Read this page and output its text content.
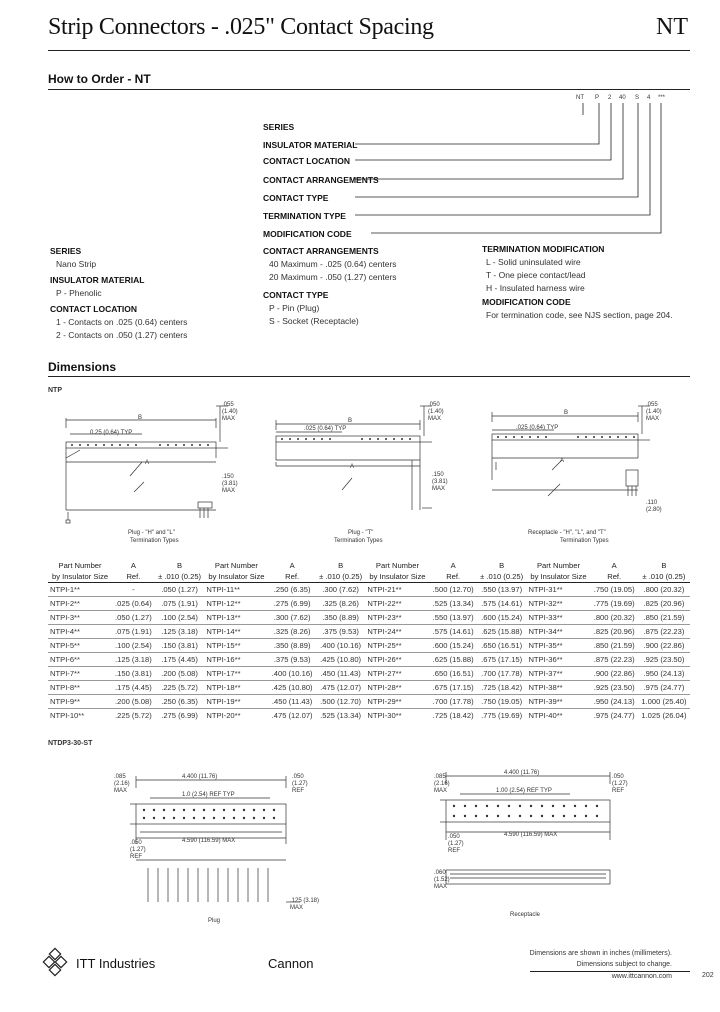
Strip Connectors - .025" Contact Spacing	NT
How to Order - NT
NT P 2 40 S 4 ***
SERIES
INSULATOR MATERIAL
CONTACT LOCATION
CONTACT ARRANGEMENTS
CONTACT TYPE
TERMINATION TYPE
MODIFICATION CODE
SERIES
Nano Strip
INSULATOR MATERIAL
P - Phenolic
CONTACT LOCATION
1 - Contacts on .025 (0.64) centers
2 - Contacts on .050 (1.27) centers
CONTACT ARRANGEMENTS
40 Maximum - .025 (0.64) centers
20 Maximum - .050 (1.27) centers
CONTACT TYPE
P - Pin (Plug)
S - Socket (Receptacle)
TERMINATION MODIFICATION
L - Solid uninsulated wire
T - One piece contact/lead
H - Insulated harness wire
MODIFICATION CODE
For termination code, see NJS section, page 204.
Dimensions
NTP
B
0.25 (0.64) TYP
A
.055
(1.40)
MAX
.150
(3.81)
MAX
Plug - "H" and "L"
Termination Types
B
.025 (0.64) TYP
A
.050
(1.40)
MAX
.150
(3.81)
MAX
Plug - "T"
Termination Types
B
.025 (0.64) TYP
A
.055
(1.40)
MAX
.110
(2.80)
Receptacle - "H", "L", and "T"
Termination Types
Part Number
by Insulator Size	A
Ref.	B
± .010 (0.25)	Part Number
by Insulator Size	A
Ref.	B
± .010 (0.25)	Part Number
by Insulator Size	A
Ref.	B
± .010 (0.25)	Part Number
by Insulator Size	A
Ref.	B
± .010 (0.25)
NTPI-1**	-	.050 (1.27)	NTPI-11**	.250 (6.35)	.300 (7.62)	NTPI-21**	.500 (12.70)	.550 (13.97)	NTPI-31**	.750 (19.05)	.800 (20.32)
NTPI-2**	.025 (0.64)	.075 (1.91)	NTPI-12**	.275 (6.99)	.325 (8.26)	NTPI-22**	.525 (13.34)	.575 (14.61)	NTPI-32**	.775 (19.69)	.825 (20.96)
NTPI-3**	.050 (1.27)	.100 (2.54)	NTPI-13**	.300 (7.62)	.350 (8.89)	NTPI-23**	.550 (13.97)	.600 (15.24)	NTPI-33**	.800 (20.32)	.850 (21.59)
NTPI-4**	.075 (1.91)	.125 (3.18)	NTPI-14**	.325 (8.26)	.375 (9.53)	NTPI-24**	.575 (14.61)	.625 (15.88)	NTPI-34**	.825 (20.96)	.875 (22.23)
NTPI-5**	.100 (2.54)	.150 (3.81)	NTPI-15**	.350 (8.89)	.400 (10.16)	NTPI-25**	.600 (15.24)	.650 (16.51)	NTPI-35**	.850 (21.59)	.900 (22.86)
NTPI-6**	.125 (3.18)	.175 (4.45)	NTPI-16**	.375 (9.53)	.425 (10.80)	NTPI-26**	.625 (15.88)	.675 (17.15)	NTPI-36**	.875 (22.23)	.925 (23.50)
NTPI-7**	.150 (3.81)	.200 (5.08)	NTPI-17**	.400 (10.16)	.450 (11.43)	NTPI-27**	.650 (16.51)	.700 (17.78)	NTPI-37**	.900 (22.86)	.950 (24.13)
NTPI-8**	.175 (4.45)	.225 (5.72)	NTPI-18**	.425 (10.80)	.475 (12.07)	NTPI-28**	.675 (17.15)	.725 (18.42)	NTPI-38**	.925 (23.50)	.975 (24.77)
NTPI-9**	.200 (5.08)	.250 (6.35)	NTPI-19**	.450 (11.43)	.500 (12.70)	NTPI-29**	.700 (17.78)	.750 (19.05)	NTPI-39**	.950 (24.13)	1.000 (25.40)
NTPI-10**	.225 (5.72)	.275 (6.99)	NTPI-20**	.475 (12.07)	.525 (13.34)	NTPI-30**	.725 (18.42)	.775 (19.69)	NTPI-40**	.975 (24.77)	1.025 (26.04)
NTDP3-30-ST
4.400 (11.76)
1.0 (2.54) REF TYP
4.590 (116.59) MAX
.085
(2.16)
MAX
.050
(1.27)
REF
.050
(1.27)
REF
.125 (3.18)
MAX
Plug
4.400 (11.76)
1.00 (2.54) REF TYP
4.590 (116.59) MAX
.085
(2.16)
MAX
.050
(1.27)
REF
.050
(1.27)
REF
.060
(1.52)
MAX
Receptacle
ITT Industries	Cannon
Dimensions are shown in inches (millimeters).
Dimensions subject to change.
www.ittcannon.com	202
